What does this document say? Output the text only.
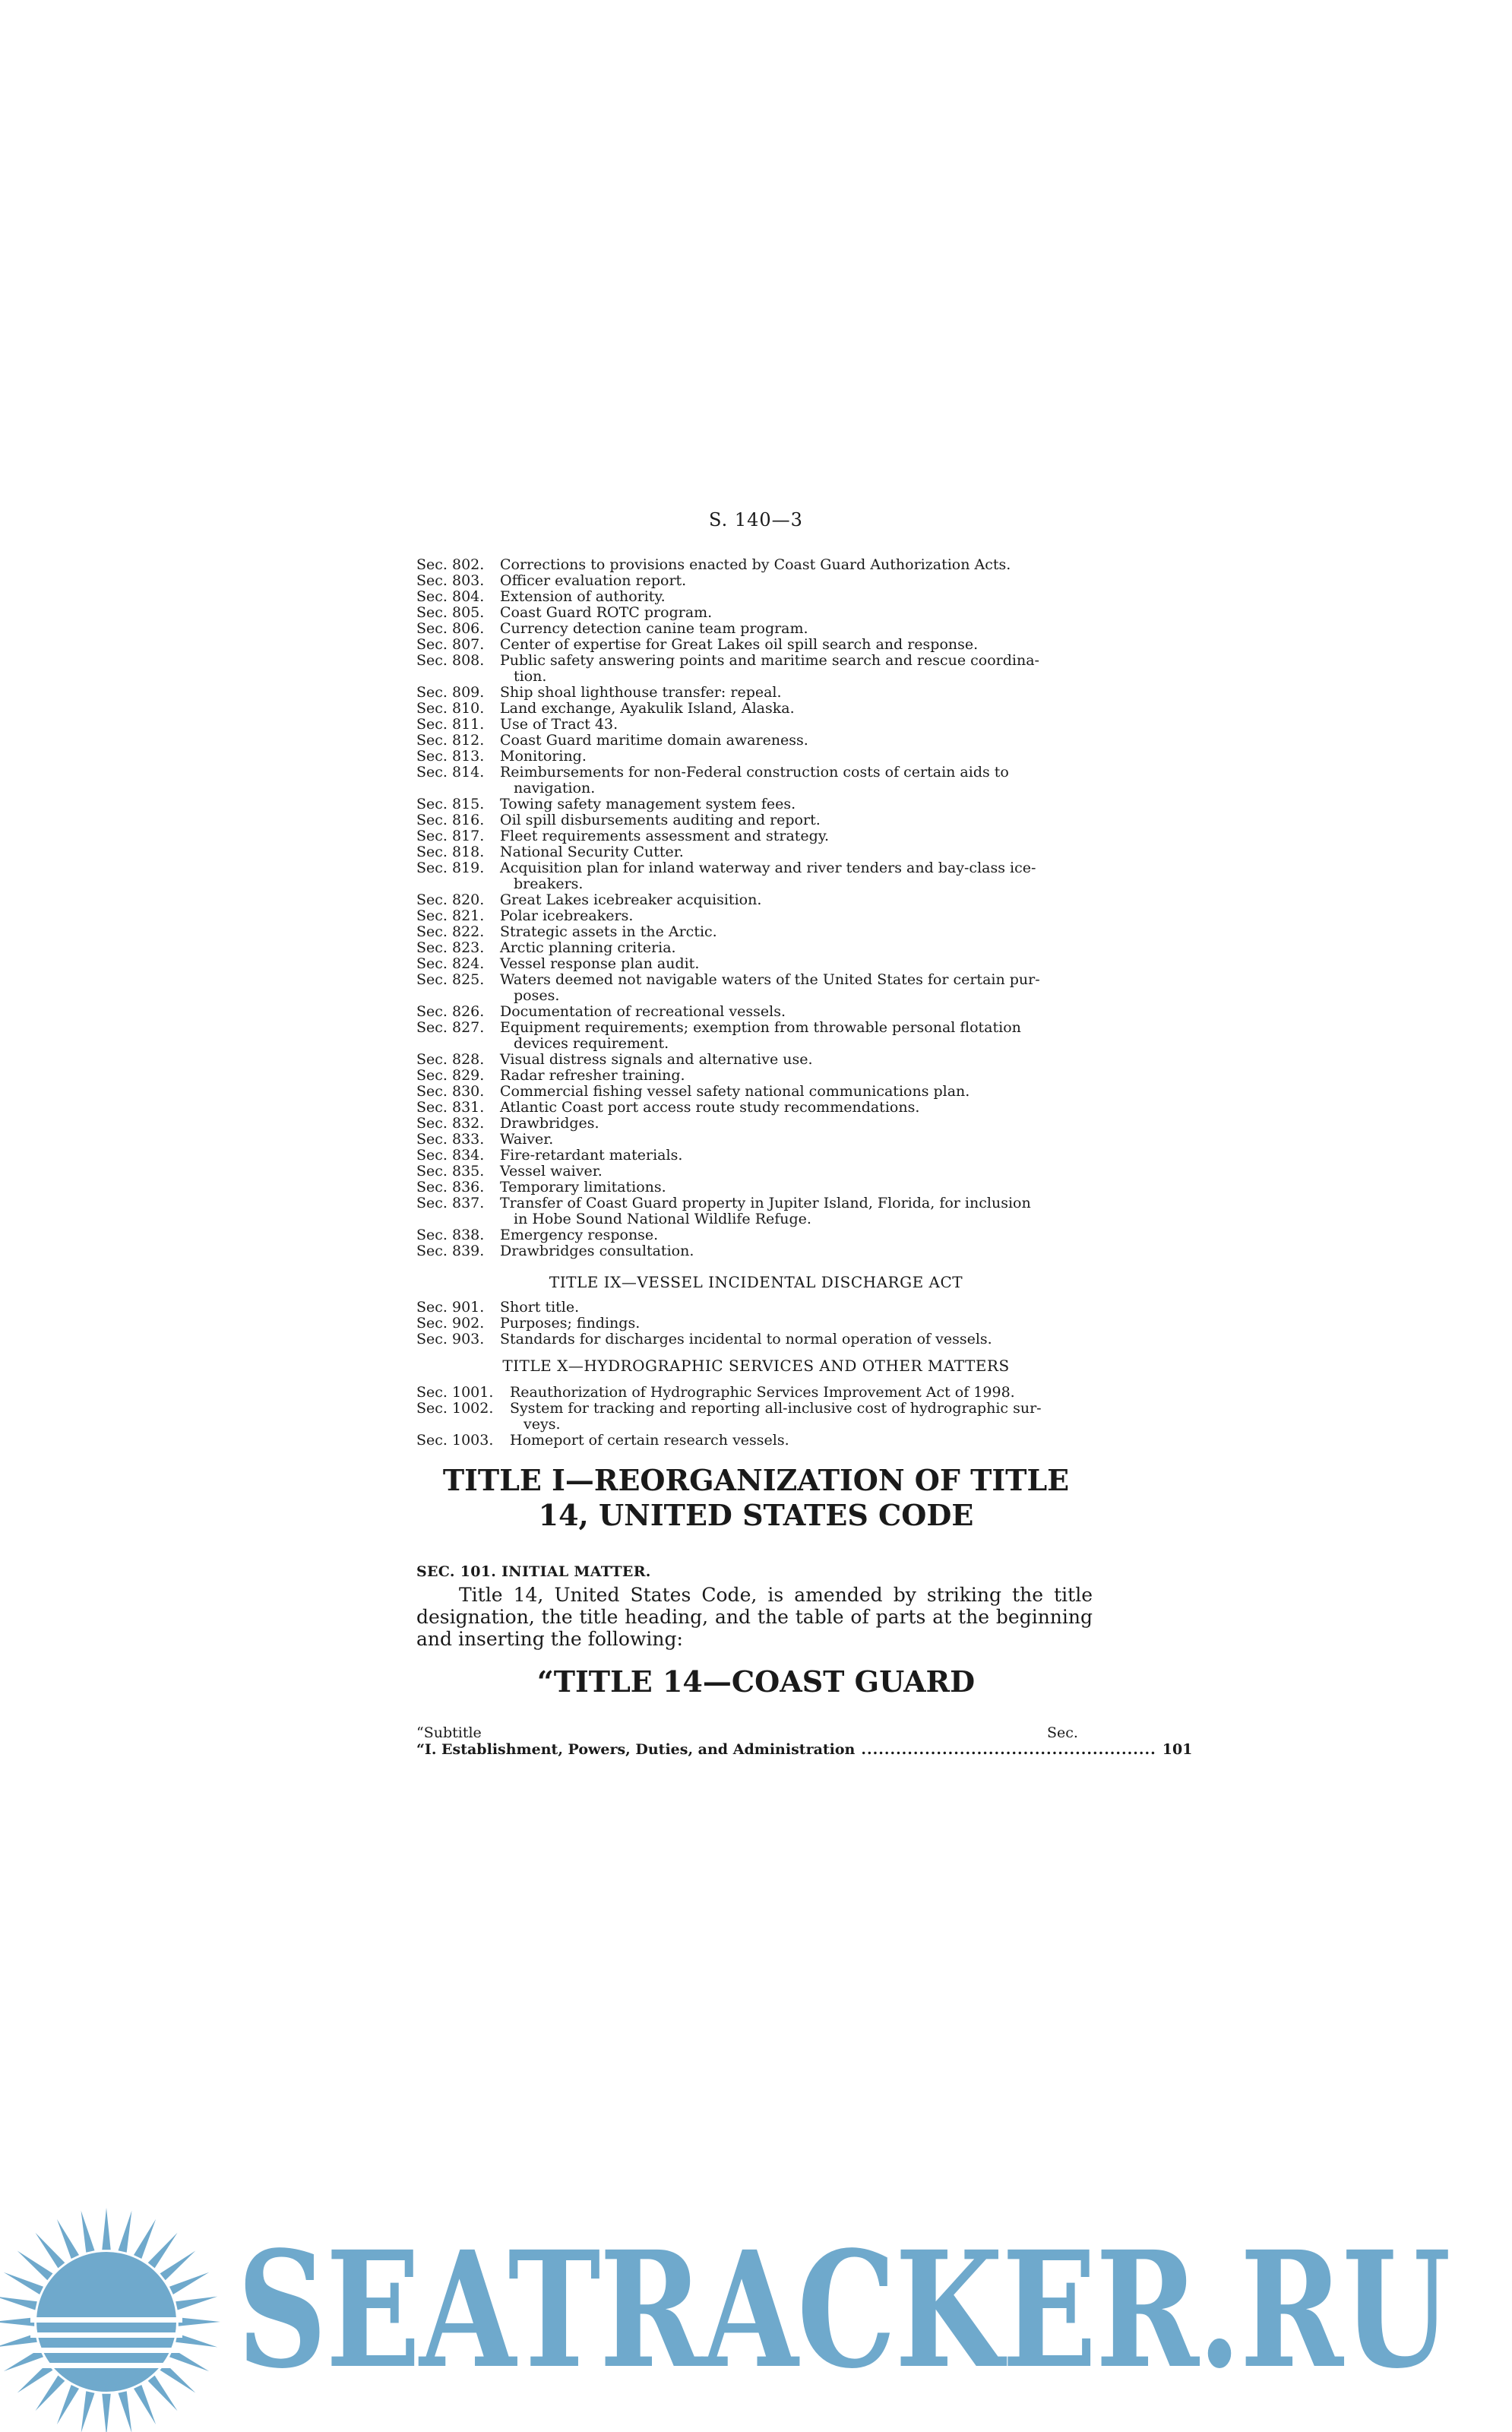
S. 140—3
Sec. 802.	Corrections to provisions enacted by Coast Guard Authorization Acts.
Sec. 803.	Officer evaluation report.
Sec. 804.	Extension of authority.
Sec. 805.	Coast Guard ROTC program.
Sec. 806.	Currency detection canine team program.
Sec. 807.	Center of expertise for Great Lakes oil spill search and response.
Sec. 808.	Public safety answering points and maritime search and rescue coordina-
tion.
Sec. 809.	Ship shoal lighthouse transfer: repeal.
Sec. 810.	Land exchange, Ayakulik Island, Alaska.
Sec. 811.	Use of Tract 43.
Sec. 812.	Coast Guard maritime domain awareness.
Sec. 813.	Monitoring.
Sec. 814.	Reimbursements for non-Federal construction costs of certain aids to
navigation.
Sec. 815.	Towing safety management system fees.
Sec. 816.	Oil spill disbursements auditing and report.
Sec. 817.	Fleet requirements assessment and strategy.
Sec. 818.	National Security Cutter.
Sec. 819.	Acquisition plan for inland waterway and river tenders and bay-class ice-
breakers.
Sec. 820.	Great Lakes icebreaker acquisition.
Sec. 821.	Polar icebreakers.
Sec. 822.	Strategic assets in the Arctic.
Sec. 823.	Arctic planning criteria.
Sec. 824.	Vessel response plan audit.
Sec. 825.	Waters deemed not navigable waters of the United States for certain pur-
poses.
Sec. 826.	Documentation of recreational vessels.
Sec. 827.	Equipment requirements; exemption from throwable personal flotation
devices requirement.
Sec. 828.	Visual distress signals and alternative use.
Sec. 829.	Radar refresher training.
Sec. 830.	Commercial fishing vessel safety national communications plan.
Sec. 831.	Atlantic Coast port access route study recommendations.
Sec. 832.	Drawbridges.
Sec. 833.	Waiver.
Sec. 834.	Fire-retardant materials.
Sec. 835.	Vessel waiver.
Sec. 836.	Temporary limitations.
Sec. 837.	Transfer of Coast Guard property in Jupiter Island, Florida, for inclusion
in Hobe Sound National Wildlife Refuge.
Sec. 838.	Emergency response.
Sec. 839.	Drawbridges consultation.
TITLE IX—VESSEL INCIDENTAL DISCHARGE ACT
Sec. 901.	Short title.
Sec. 902.	Purposes; findings.
Sec. 903.	Standards for discharges incidental to normal operation of vessels.
TITLE X—HYDROGRAPHIC SERVICES AND OTHER MATTERS
Sec. 1001.	Reauthorization of Hydrographic Services Improvement Act of 1998.
Sec. 1002.	System for tracking and reporting all-inclusive cost of hydrographic sur-
veys.
Sec. 1003.	Homeport of certain research vessels.
TITLE I—REORGANIZATION OF TITLE
14, UNITED STATES CODE
SEC. 101. INITIAL MATTER.
Title 14, United States Code, is amended by striking the title designation, the title heading, and the table of parts at the beginning and inserting the following:
“TITLE 14—COAST GUARD
“Subtitle	Sec.
“I. Establishment, Powers, Duties, and Administration ................................................... 101
SEATRACKER.RU
